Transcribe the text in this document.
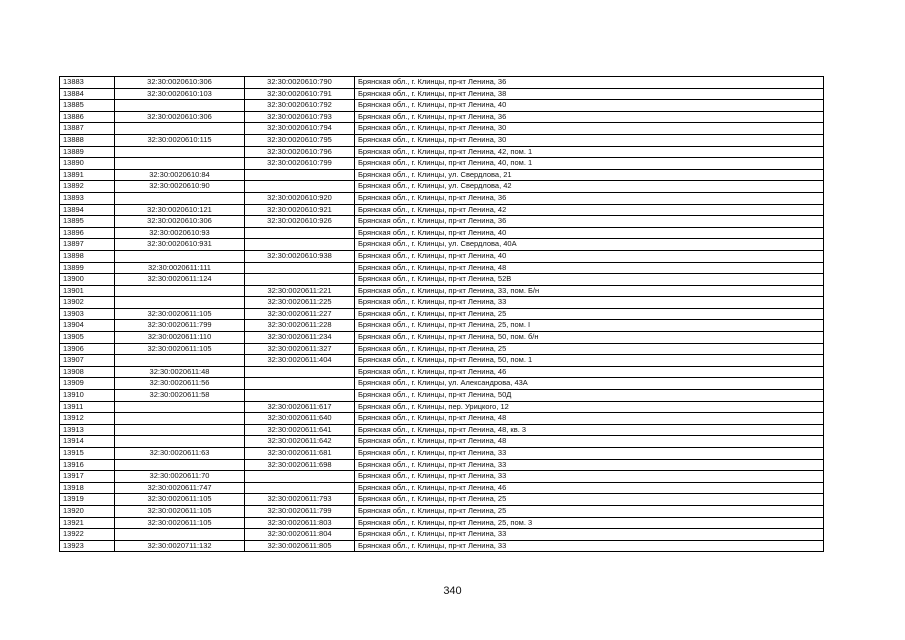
13883	32:30:0020610:306	32:30:0020610:790	Брянская обл., г. Клинцы, пр-кт Ленина, 36
13884	32:30:0020610:103	32:30:0020610:791	Брянская обл., г. Клинцы, пр-кт Ленина, 38
13885		32:30:0020610:792	Брянская обл., г. Клинцы, пр-кт Ленина, 40
13886	32:30:0020610:306	32:30:0020610:793	Брянская обл., г. Клинцы, пр-кт Ленина, 36
13887		32:30:0020610:794	Брянская обл., г. Клинцы, пр-кт Ленина, 30
13888	32:30:0020610:115	32:30:0020610:795	Брянская обл., г. Клинцы, пр-кт Ленина, 30
13889		32:30:0020610:796	Брянская обл., г. Клинцы, пр-кт Ленина, 42, пом. 1
13890		32:30:0020610:799	Брянская обл., г. Клинцы, пр-кт Ленина, 40, пом. 1
13891	32:30:0020610:84		Брянская обл., г. Клинцы, ул. Свердлова, 21
13892	32:30:0020610:90		Брянская обл., г. Клинцы, ул. Свердлова, 42
13893		32:30:0020610:920	Брянская обл., г. Клинцы, пр-кт Ленина, 36
13894	32:30:0020610:121	32:30:0020610:921	Брянская обл., г. Клинцы, пр-кт Ленина, 42
13895	32:30:0020610:306	32:30:0020610:926	Брянская обл., г. Клинцы, пр-кт Ленина, 36
13896	32:30:0020610:93		Брянская обл., г. Клинцы, пр-кт Ленина, 40
13897	32:30:0020610:931		Брянская обл., г. Клинцы, ул. Свердлова, 40А
13898		32:30:0020610:938	Брянская обл., г. Клинцы, пр-кт Ленина, 40
13899	32:30:0020611:111		Брянская обл., г. Клинцы, пр-кт Ленина, 48
13900	32:30:0020611:124		Брянская обл., г. Клинцы, пр-кт Ленина, 52В
13901		32:30:0020611:221	Брянская обл., г. Клинцы, пр-кт Ленина, 33, пом. Б/н
13902		32:30:0020611:225	Брянская обл., г. Клинцы, пр-кт Ленина, 33
13903	32:30:0020611:105	32:30:0020611:227	Брянская обл., г. Клинцы, пр-кт Ленина, 25
13904	32:30:0020611:799	32:30:0020611:228	Брянская обл., г. Клинцы, пр-кт Ленина, 25, пом. I
13905	32:30:0020611:110	32:30:0020611:234	Брянская обл., г. Клинцы, пр-кт Ленина, 50, пом. б/н
13906	32:30:0020611:105	32:30:0020611:327	Брянская обл., г. Клинцы, пр-кт Ленина, 25
13907		32:30:0020611:404	Брянская обл., г. Клинцы, пр-кт Ленина, 50, пом. 1
13908	32:30:0020611:48		Брянская обл., г. Клинцы, пр-кт Ленина, 46
13909	32:30:0020611:56		Брянская обл., г. Клинцы, ул. Александрова, 43А
13910	32:30:0020611:58		Брянская обл., г. Клинцы, пр-кт Ленина, 50Д
13911		32:30:0020611:617	Брянская обл., г. Клинцы, пер. Урицкого, 12
13912		32:30:0020611:640	Брянская обл., г. Клинцы, пр-кт Ленина, 48
13913		32:30:0020611:641	Брянская обл., г. Клинцы, пр-кт Ленина, 48, кв. 3
13914		32:30:0020611:642	Брянская обл., г. Клинцы, пр-кт Ленина, 48
13915	32:30:0020611:63	32:30:0020611:681	Брянская обл., г. Клинцы, пр-кт Ленина, 33
13916		32:30:0020611:698	Брянская обл., г. Клинцы, пр-кт Ленина, 33
13917	32:30:0020611:70		Брянская обл., г. Клинцы, пр-кт Ленина, 33
13918	32:30:0020611:747		Брянская обл., г. Клинцы, пр-кт Ленина, 46
13919	32:30:0020611:105	32:30:0020611:793	Брянская обл., г. Клинцы, пр-кт Ленина, 25
13920	32:30:0020611:105	32:30:0020611:799	Брянская обл., г. Клинцы, пр-кт Ленина, 25
13921	32:30:0020611:105	32:30:0020611:803	Брянская обл., г. Клинцы, пр-кт Ленина, 25, пом. 3
13922		32:30:0020611:804	Брянская обл., г. Клинцы, пр-кт Ленина, 33
13923	32:30:0020711:132	32:30:0020611:805	Брянская обл., г. Клинцы, пр-кт Ленина, 33
340
